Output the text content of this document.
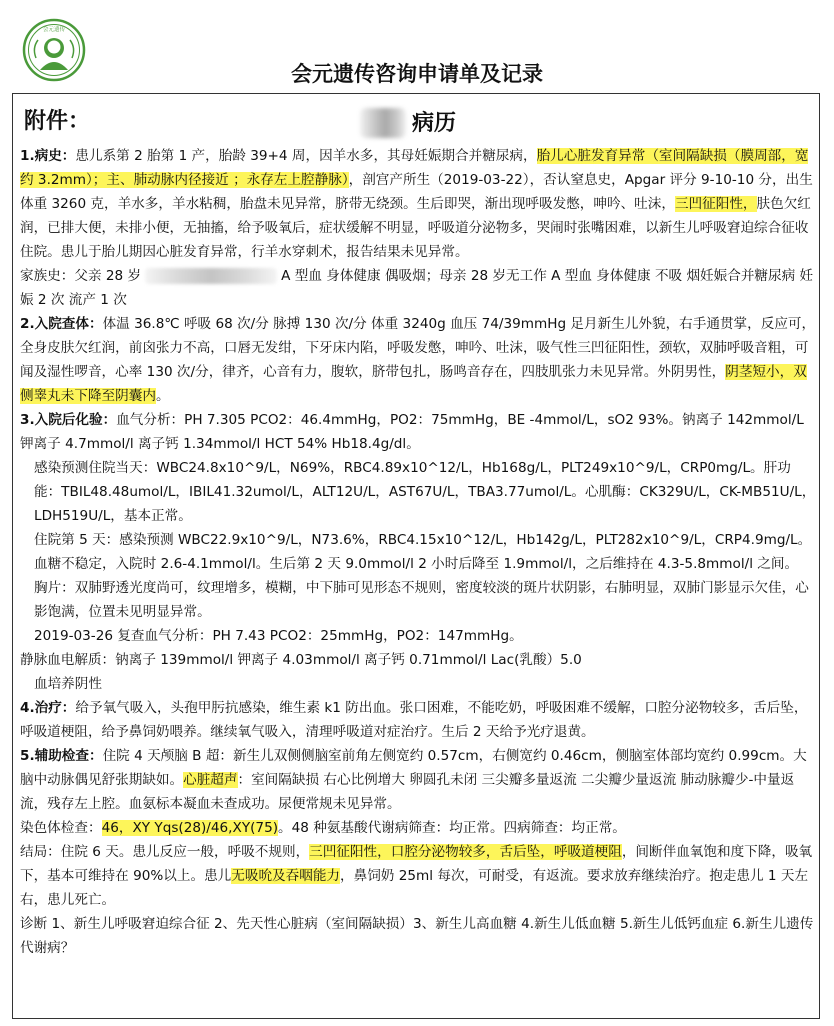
会元遗传
会元遗传咨询申请单及记录
附件：	病历

1.病史：患儿系第 2 胎第 1 产，胎龄 39+4 周，因羊水多，其母妊娠期合并糖尿病，胎儿心脏发育异常（室间隔缺损（膜周部，宽约 3.2mm）；主、肺动脉内径接近 ；永存左上腔静脉），剖宫产所生（2019-03-22），否认窒息史，Apgar 评分 9-10-10 分，出生体重 3260 克，羊水多，羊水粘稠，胎盘未见异常，脐带无绕颈。生后即哭，渐出现呼吸发憋，呻吟、吐沫，三凹征阳性，肤色欠红润，已排大便，未排小便，无抽搐，给予吸氧后，症状缓解不明显，呼吸道分泌物多，哭闹时张嘴困难，以新生儿呼吸窘迫综合征收住院。患儿于胎儿期因心脏发育异常，行羊水穿刺术，报告结果未见异常。

家族史：父亲 28 岁	A 型血 身体健康 偶吸烟；母亲 28 岁无工作 A 型血 身体健康 不吸 烟妊娠合并糖尿病 妊娠 2 次 流产 1 次

2.入院查体：体温 36.8℃ 呼吸 68 次/分 脉搏 130 次/分 体重 3240g 血压 74/39mmHg 足月新生儿外貌，右手通贯掌，反应可，全身皮肤欠红润，前囟张力不高，口唇无发绀，下牙床内陷，呼吸发憋，呻吟、吐沫，吸气性三凹征阳性，颈软，双肺呼吸音粗，可闻及湿性啰音，心率 130 次/分，律齐，心音有力，腹软，脐带包扎，肠鸣音存在，四肢肌张力未见异常。外阴男性，阴茎短小，双侧睾丸未下降至阴囊内。

3.入院后化验：血气分析：PH 7.305 PCO2：46.4mmHg，PO2：75mmHg，BE -4mmol/L，sO2 93%。钠离子 142mmol/L 钾离子 4.7mmol/l 离子钙 1.34mmol/l HCT 54% Hb18.4g/dl。

感染预测住院当天：WBC24.8x10^9/L，N69%，RBC4.89x10^12/L，Hb168g/L，PLT249x10^9/L，CRP0mg/L。肝功能：TBIL48.48umol/L，IBIL41.32umol/L，ALT12U/L，AST67U/L，TBA3.77umol/L。心肌酶：CK329U/L，CK-MB51U/L，LDH519U/L，基本正常。

住院第 5 天：感染预测 WBC22.9x10^9/L，N73.6%，RBC4.15x10^12/L，Hb142g/L，PLT282x10^9/L，CRP4.9mg/L。血糖不稳定，入院时 2.6-4.1mmol/l。生后第 2 天 9.0mmol/l 2 小时后降至 1.9mmol/l，之后维持在 4.3-5.8mmol/l 之间。

胸片：双肺野透光度尚可，纹理增多，模糊，中下肺可见形态不规则，密度较淡的斑片状阴影，右肺明显，双肺门影显示欠佳，心影饱满，位置未见明显异常。

2019-03-26 复查血气分析：PH 7.43 PCO2：25mmHg，PO2：147mmHg。

静脉血电解质：钠离子 139mmol/l 钾离子 4.03mmol/l 离子钙 0.71mmol/l Lac(乳酸）5.0

血培养阴性

4.治疗：给予氧气吸入，头孢甲肟抗感染，维生素 k1 防出血。张口困难，不能吃奶，呼吸困难不缓解，口腔分泌物较多，舌后坠，呼吸道梗阻，给予鼻饲奶喂养。继续氧气吸入，清理呼吸道对症治疗。生后 2 天给予光疗退黄。

5.辅助检查：住院 4 天颅脑 B 超：新生儿双侧侧脑室前角左侧宽约 0.57cm，右侧宽约 0.46cm，侧脑室体部均宽约 0.99cm。大脑中动脉偶见舒张期缺如。心脏超声：室间隔缺损 右心比例增大 卵圆孔未闭 三尖瓣多量返流 二尖瓣少量返流 肺动脉瓣少-中量返流，残存左上腔。血氨标本凝血未查成功。尿便常规未见异常。

染色体检查：46，XY Yqs(28)/46,XY(75)。48 种氨基酸代谢病筛查：均正常。四病筛查：均正常。

结局：住院 6 天。患儿反应一般，呼吸不规则，三凹征阳性，口腔分泌物较多，舌后坠，呼吸道梗阻，间断伴血氧饱和度下降，吸氧下，基本可维持在 90%以上。患儿无吸吮及吞咽能力，鼻饲奶 25ml 每次，可耐受，有返流。要求放弃继续治疗。抱走患儿 1 天左右，患儿死亡。

诊断 1、新生儿呼吸窘迫综合征 2、先天性心脏病（室间隔缺损）3、新生儿高血糖 4.新生儿低血糖 5.新生儿低钙血症 6.新生儿遗传代谢病？
